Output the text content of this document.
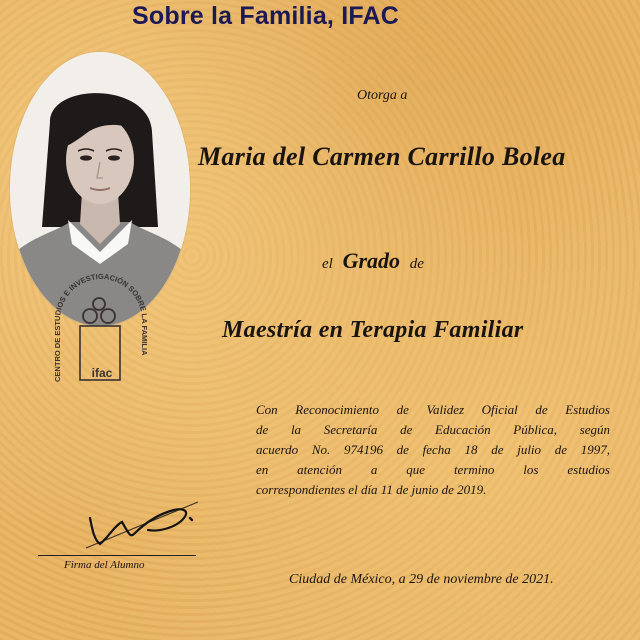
Sobre la Familia, IFAC
CENTRO DE ESTUDIOS E INVESTIGACIÓN SOBRE LA FAMILIA
ifac
Otorga a
Maria del Carmen Carrillo Bolea
el Grado de
Maestría en Terapia Familiar
Con Reconocimiento de Validez Oficial de Estudios
de la Secretaría de Educación Pública, según
acuerdo No. 974196 de fecha 18 de julio de 1997,
en atención a que termino los estudios
correspondientes el día 11 de junio de 2019.
Firma del Alumno
Ciudad de México, a 29 de noviembre de 2021.
